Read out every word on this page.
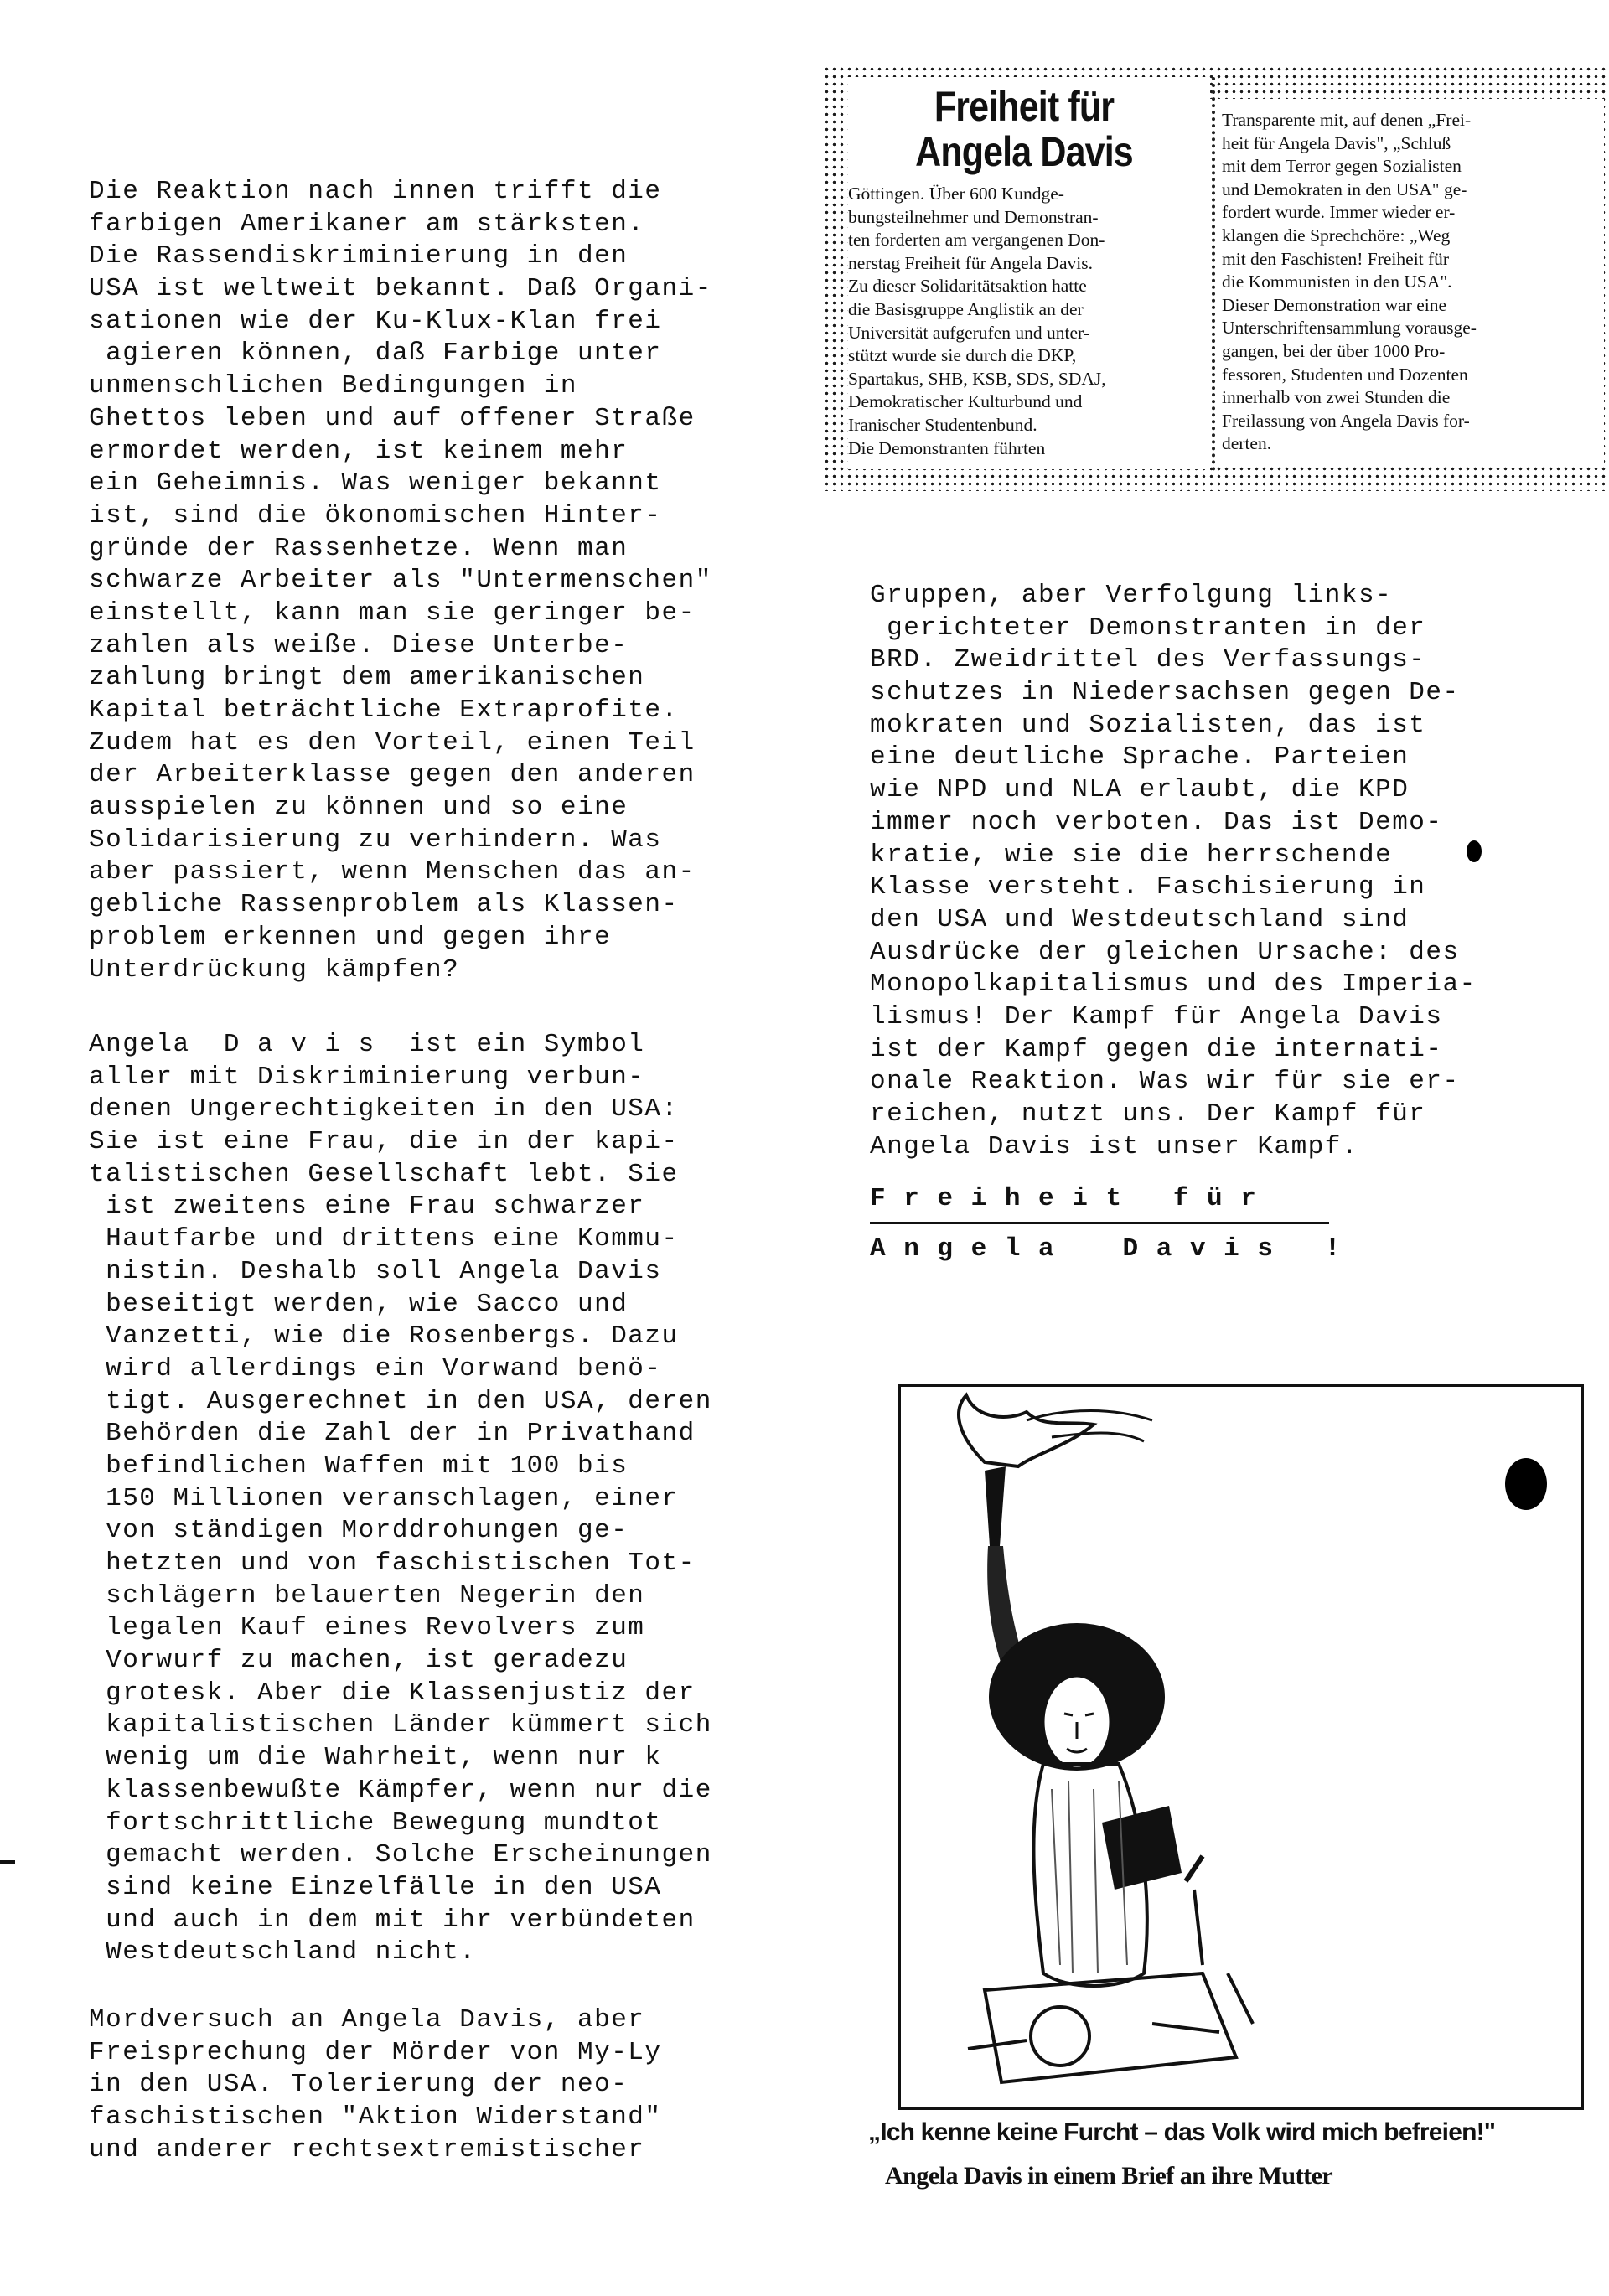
Die Reaktion nach innen trifft die
farbigen Amerikaner am stärksten.
Die Rassendiskriminierung in den
USA ist weltweit bekannt. Daß Organi-
sationen wie der Ku-Klux-Klan frei
agieren können, daß Farbige unter
unmenschlichen Bedingungen in
Ghettos leben und auf offener Straße
ermordet werden, ist keinem mehr
ein Geheimnis. Was weniger bekannt
ist, sind die ökonomischen Hinter-
gründe der Rassenhetze. Wenn man
schwarze Arbeiter als "Untermenschen"
einstellt, kann man sie geringer be-
zahlen als weiße. Diese Unterbe-
zahlung bringt dem amerikanischen
Kapital beträchtliche Extraprofite.
Zudem hat es den Vorteil, einen Teil
der Arbeiterklasse gegen den anderen
ausspielen zu können und so eine
Solidarisierung zu verhindern. Was
aber passiert, wenn Menschen das an-
gebliche Rassenproblem als Klassen-
problem erkennen und gegen ihre
Unterdrückung kämpfen?
Angela  D a v i s  ist ein Symbol
aller mit Diskriminierung verbun-
denen Ungerechtigkeiten in den USA:
Sie ist eine Frau, die in der kapi-
talistischen Gesellschaft lebt. Sie
ist zweitens eine Frau schwarzer
Hautfarbe und drittens eine Kommu-
nistin. Deshalb soll Angela Davis
beseitigt werden, wie Sacco und
Vanzetti, wie die Rosenbergs. Dazu
wird allerdings ein Vorwand benö-
tigt. Ausgerechnet in den USA, deren
Behörden die Zahl der in Privathand
befindlichen Waffen mit 100 bis
150 Millionen veranschlagen, einer
von ständigen Morddrohungen ge-
hetzten und von faschistischen Tot-
schlägern belauerten Negerin den
legalen Kauf eines Revolvers zum
Vorwurf zu machen, ist geradezu
grotesk. Aber die Klassenjustiz der
kapitalistischen Länder kümmert sich
wenig um die Wahrheit, wenn nur k
klassenbewußte Kämpfer, wenn nur die
fortschrittliche Bewegung mundtot
gemacht werden. Solche Erscheinungen
sind keine Einzelfälle in den USA
und auch in dem mit ihr verbündeten
Westdeutschland nicht.
Mordversuch an Angela Davis, aber
Freisprechung der Mörder von My-Ly
in den USA. Tolerierung der neo-
faschistischen "Aktion Widerstand"
und anderer rechtsextremistischer
Freiheit für
Angela Davis
Göttingen. Über 600 Kundge-
bungsteilnehmer und Demonstran-
ten forderten am vergangenen Don-
nerstag Freiheit für Angela Davis.
Zu dieser Solidaritätsaktion hatte
die Basisgruppe Anglistik an der
Universität aufgerufen und unter-
stützt wurde sie durch die DKP,
Spartakus, SHB, KSB, SDS, SDAJ,
Demokratischer Kulturbund und
Iranischer Studentenbund.
Die Demonstranten führten
Transparente mit, auf denen „Frei-
heit für Angela Davis", „Schluß
mit dem Terror gegen Sozialisten
und Demokraten in den USA" ge-
fordert wurde. Immer wieder er-
klangen die Sprechchöre: „Weg
mit den Faschisten! Freiheit für
die Kommunisten in den USA".
Dieser Demonstration war eine
Unterschriftensammlung vorausge-
gangen, bei der über 1000 Pro-
fessoren, Studenten und Dozenten
innerhalb von zwei Stunden die
Freilassung von Angela Davis for-
derten.
Gruppen, aber Verfolgung links-
gerichteter Demonstranten in der
BRD. Zweidrittel des Verfassungs-
schutzes in Niedersachsen gegen De-
mokraten und Sozialisten, das ist
eine deutliche Sprache. Parteien
wie NPD und NLA erlaubt, die KPD
immer noch verboten. Das ist Demo-
kratie, wie sie die herrschende
Klasse versteht. Faschisierung in
den USA und Westdeutschland sind
Ausdrücke der gleichen Ursache: des
Monopolkapitalismus und des Imperia-
lismus! Der Kampf für Angela Davis
ist der Kampf gegen die internati-
onale Reaktion. Was wir für sie er-
reichen, nutzt uns. Der Kampf für
Angela Davis ist unser Kampf.
F r e i h e i t   f ü r
A n g e l a    D a v i s   !
„Ich kenne keine Furcht – das Volk wird mich befreien!"
Angela Davis in einem Brief an ihre Mutter
